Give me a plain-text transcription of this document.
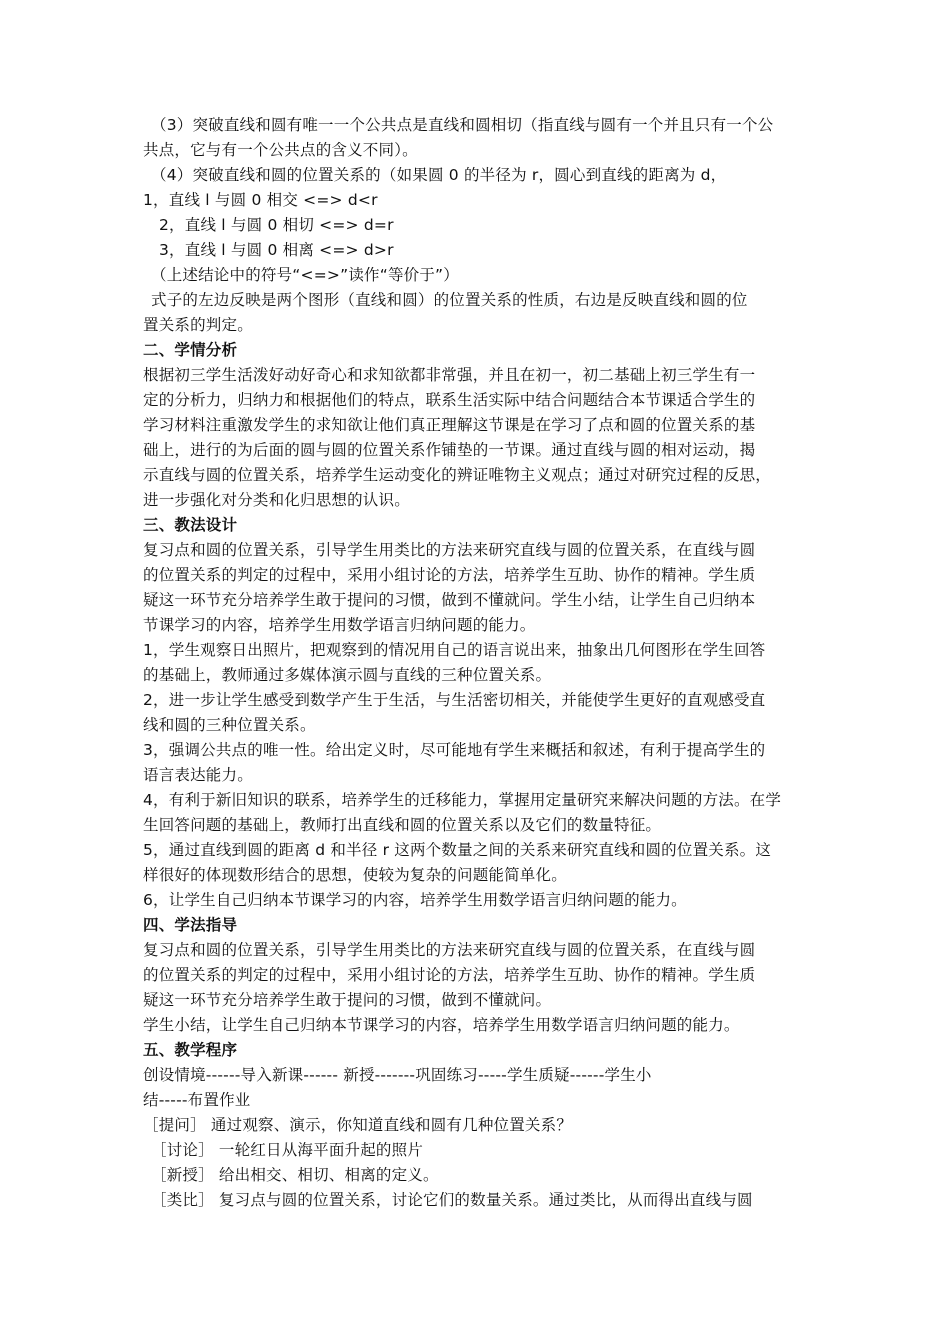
（3）突破直线和圆有唯一一个公共点是直线和圆相切（指直线与圆有一个并且只有一个公
共点，它与有一个公共点的含义不同）。
（4）突破直线和圆的位置关系的（如果圆 0 的半径为 r，圆心到直线的距离为 d，
1，直线 l 与圆 0 相交 <=> d<r
2，直线 l 与圆 0 相切 <=> d=r
3，直线 l 与圆 0 相离 <=> d>r
（上述结论中的符号“<=>”读作“等价于”）
式子的左边反映是两个图形（直线和圆）的位置关系的性质，右边是反映直线和圆的位
置关系的判定。
二、学情分析
根据初三学生活泼好动好奇心和求知欲都非常强，并且在初一，初二基础上初三学生有一
定的分析力，归纳力和根据他们的特点，联系生活实际中结合问题结合本节课适合学生的
学习材料注重激发学生的求知欲让他们真正理解这节课是在学习了点和圆的位置关系的基
础上，进行的为后面的圆与圆的位置关系作铺垫的一节课。通过直线与圆的相对运动，揭
示直线与圆的位置关系，培养学生运动变化的辨证唯物主义观点；通过对研究过程的反思，
进一步强化对分类和化归思想的认识。
三、教法设计
复习点和圆的位置关系，引导学生用类比的方法来研究直线与圆的位置关系，在直线与圆
的位置关系的判定的过程中，采用小组讨论的方法，培养学生互助、协作的精神。学生质
疑这一环节充分培养学生敢于提问的习惯，做到不懂就问。学生小结，让学生自己归纳本
节课学习的内容，培养学生用数学语言归纳问题的能力。
1，学生观察日出照片，把观察到的情况用自己的语言说出来，抽象出几何图形在学生回答
的基础上，教师通过多媒体演示圆与直线的三种位置关系。
2，进一步让学生感受到数学产生于生活，与生活密切相关，并能使学生更好的直观感受直
线和圆的三种位置关系。
3，强调公共点的唯一性。给出定义时，尽可能地有学生来概括和叙述，有利于提高学生的
语言表达能力。
4，有利于新旧知识的联系，培养学生的迁移能力，掌握用定量研究来解决问题的方法。在学
生回答问题的基础上，教师打出直线和圆的位置关系以及它们的数量特征。
5，通过直线到圆的距离 d 和半径 r 这两个数量之间的关系来研究直线和圆的位置关系。这
样很好的体现数形结合的思想，使较为复杂的问题能简单化。
6，让学生自己归纳本节课学习的内容，培养学生用数学语言归纳问题的能力。
四、学法指导
复习点和圆的位置关系，引导学生用类比的方法来研究直线与圆的位置关系，在直线与圆
的位置关系的判定的过程中，采用小组讨论的方法，培养学生互助、协作的精神。学生质
疑这一环节充分培养学生敢于提问的习惯，做到不懂就问。
学生小结，让学生自己归纳本节课学习的内容，培养学生用数学语言归纳问题的能力。
五、教学程序
创设情境------导入新课------ 新授-------巩固练习-----学生质疑------学生小
结-----布置作业
［提问］ 通过观察、演示，你知道直线和圆有几种位置关系？
［讨论］ 一轮红日从海平面升起的照片
［新授］ 给出相交、相切、相离的定义。
［类比］ 复习点与圆的位置关系，讨论它们的数量关系。通过类比，从而得出直线与圆
